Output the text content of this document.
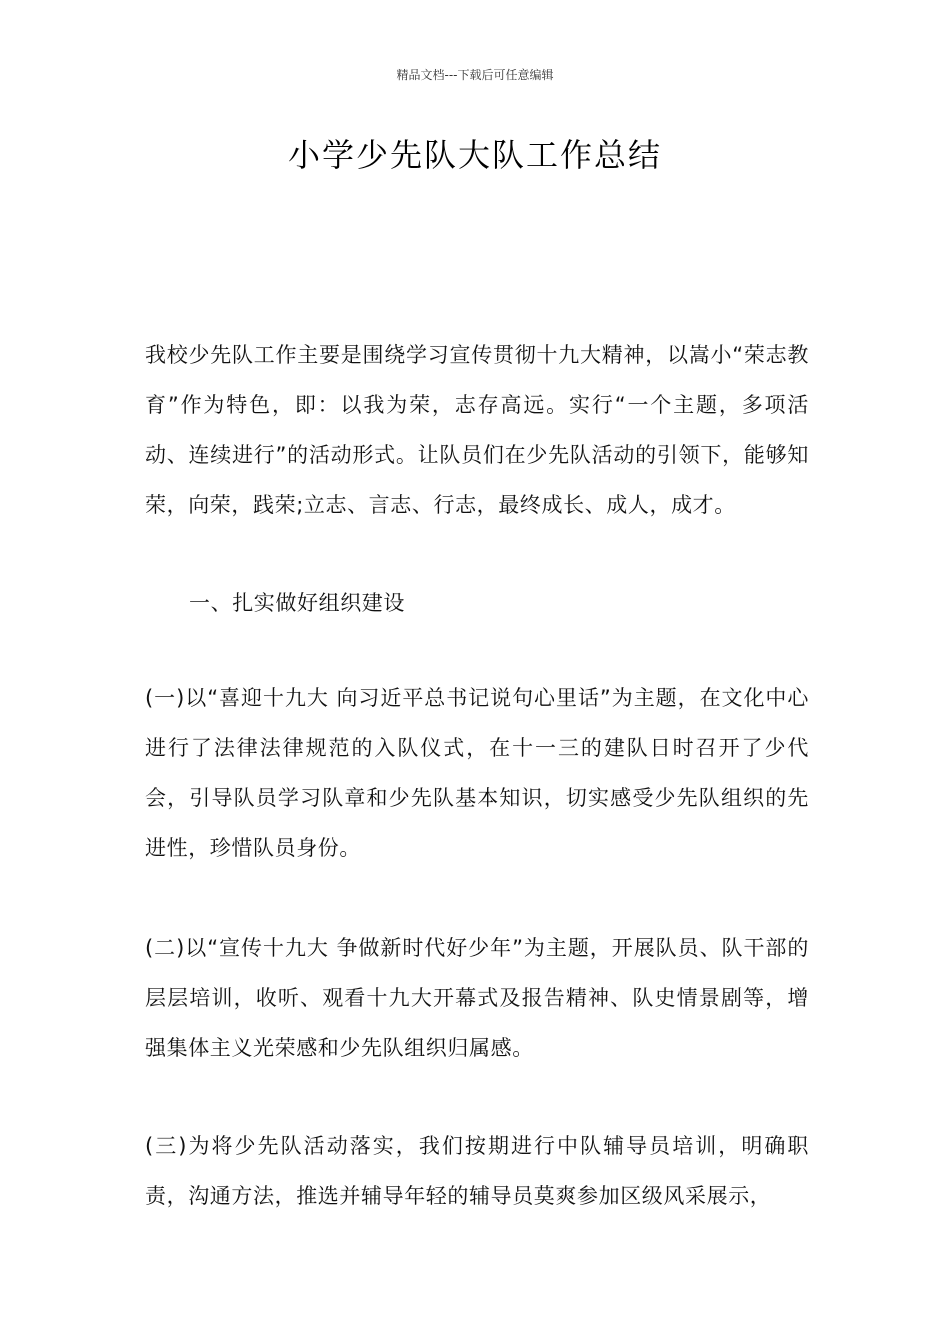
精品文档---下载后可任意编辑
小学少先队大队工作总结

我校少先队工作主要是围绕学习宣传贯彻十九大精神，以嵩小“荣志教育”作为特色，即：以我为荣，志存高远。实行“一个主题，多项活动、连续进行”的活动形式。让队员们在少先队活动的引领下，能够知荣，向荣，践荣;立志、言志、行志，最终成长、成人，成才。

一、扎实做好组织建设

(一)以“喜迎十九大 向习近平总书记说句心里话”为主题，在文化中心进行了法律法律规范的入队仪式，在十一三的建队日时召开了少代会，引导队员学习队章和少先队基本知识，切实感受少先队组织的先进性，珍惜队员身份。

(二)以“宣传十九大 争做新时代好少年”为主题，开展队员、队干部的层层培训，收听、观看十九大开幕式及报告精神、队史情景剧等，增强集体主义光荣感和少先队组织归属感。

(三)为将少先队活动落实，我们按期进行中队辅导员培训，明确职责，沟通方法，推选并辅导年轻的辅导员莫爽参加区级风采展示，
